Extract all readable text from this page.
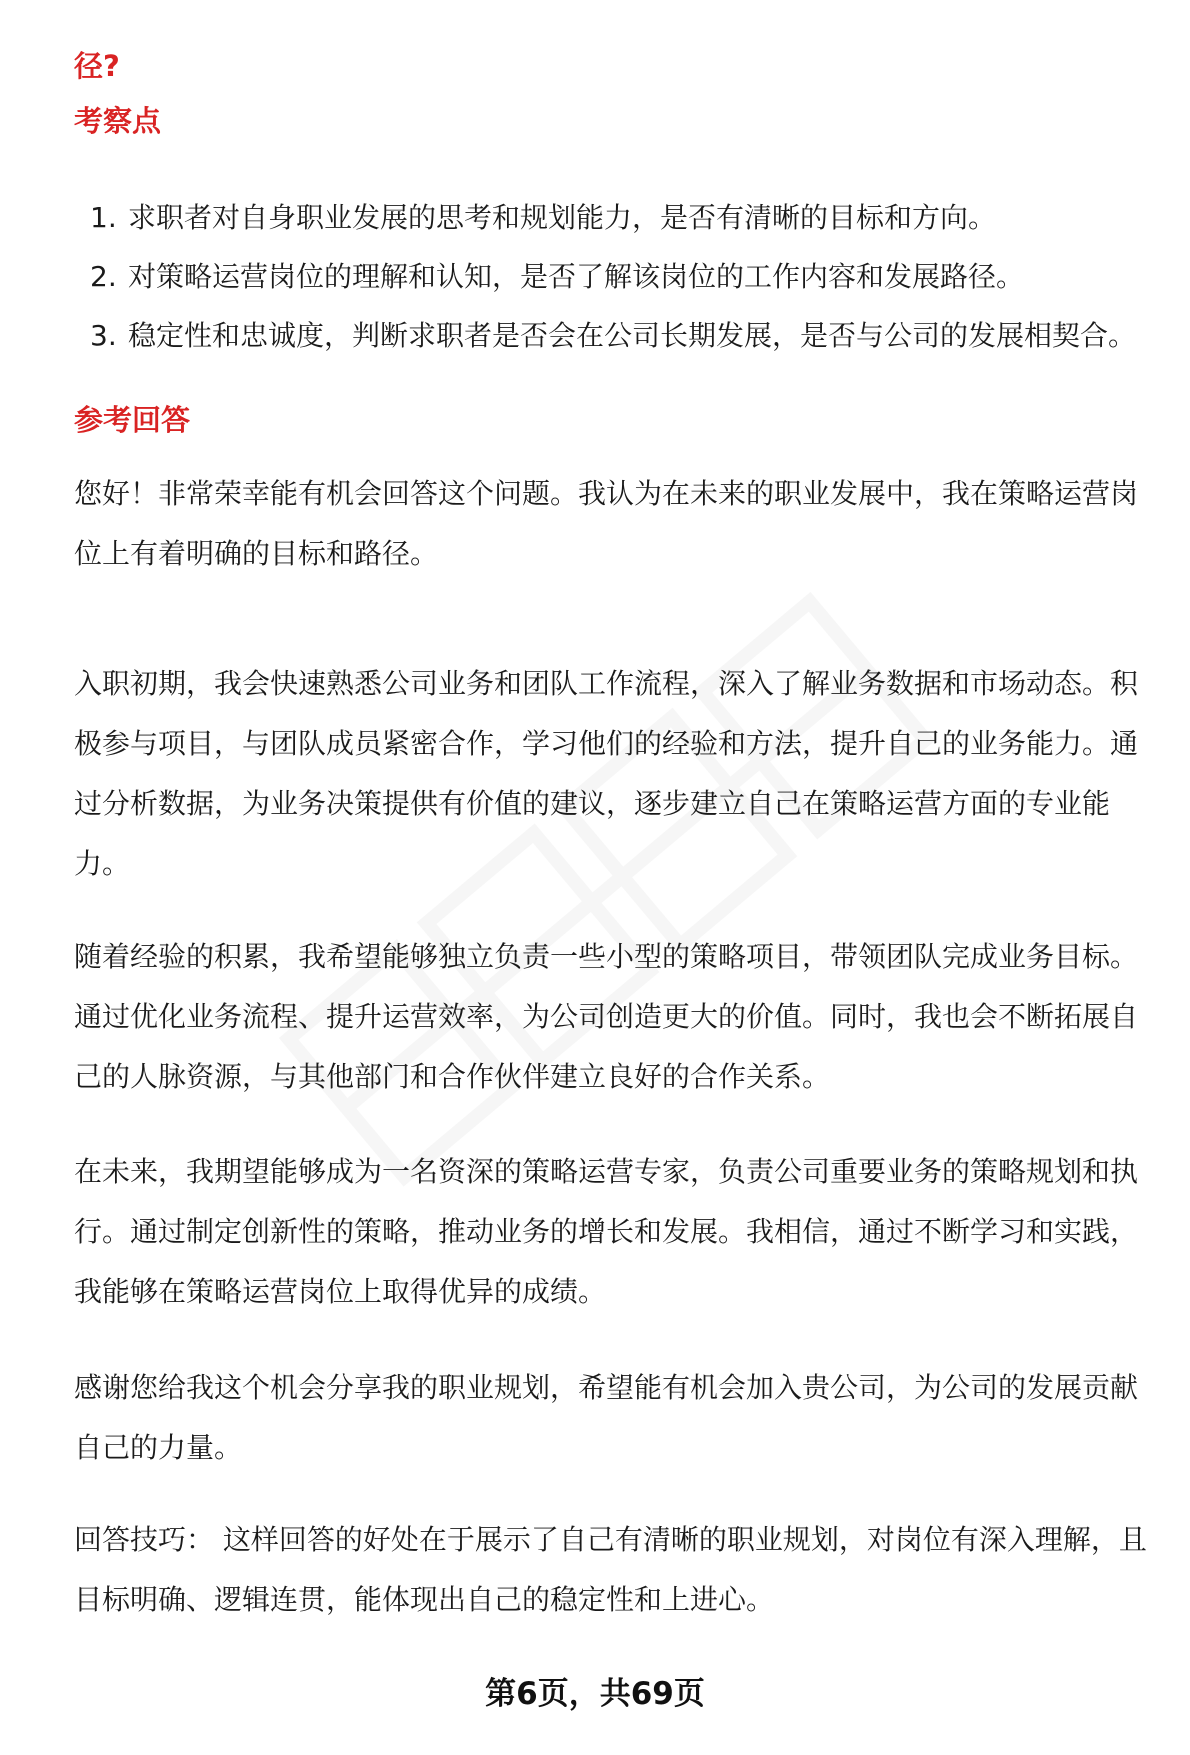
径?
考察点
1. 求职者对自身职业发展的思考和规划能力，是否有清晰的目标和方向。
2. 对策略运营岗位的理解和认知，是否了解该岗位的工作内容和发展路径。
3. 稳定性和忠诚度，判断求职者是否会在公司长期发展，是否与公司的发展相契合。
参考回答

您好！非常荣幸能有机会回答这个问题。我认为在未来的职业发展中，我在策略运营岗位上有着明确的目标和路径。

入职初期，我会快速熟悉公司业务和团队工作流程，深入了解业务数据和市场动态。积极参与项目，与团队成员紧密合作，学习他们的经验和方法，提升自己的业务能力。通过分析数据，为业务决策提供有价值的建议，逐步建立自己在策略运营方面的专业能力。

随着经验的积累，我希望能够独立负责一些小型的策略项目，带领团队完成业务目标。通过优化业务流程、提升运营效率，为公司创造更大的价值。同时，我也会不断拓展自己的人脉资源，与其他部门和合作伙伴建立良好的合作关系。

在未来，我期望能够成为一名资深的策略运营专家，负责公司重要业务的策略规划和执行。通过制定创新性的策略，推动业务的增长和发展。我相信，通过不断学习和实践，我能够在策略运营岗位上取得优异的成绩。

感谢您给我这个机会分享我的职业规划，希望能有机会加入贵公司，为公司的发展贡献自己的力量。

回答技巧： 这样回答的好处在于展示了自己有清晰的职业规划，对岗位有深入理解，且目标明确、逻辑连贯，能体现出自己的稳定性和上进心。

第6页，共69页
